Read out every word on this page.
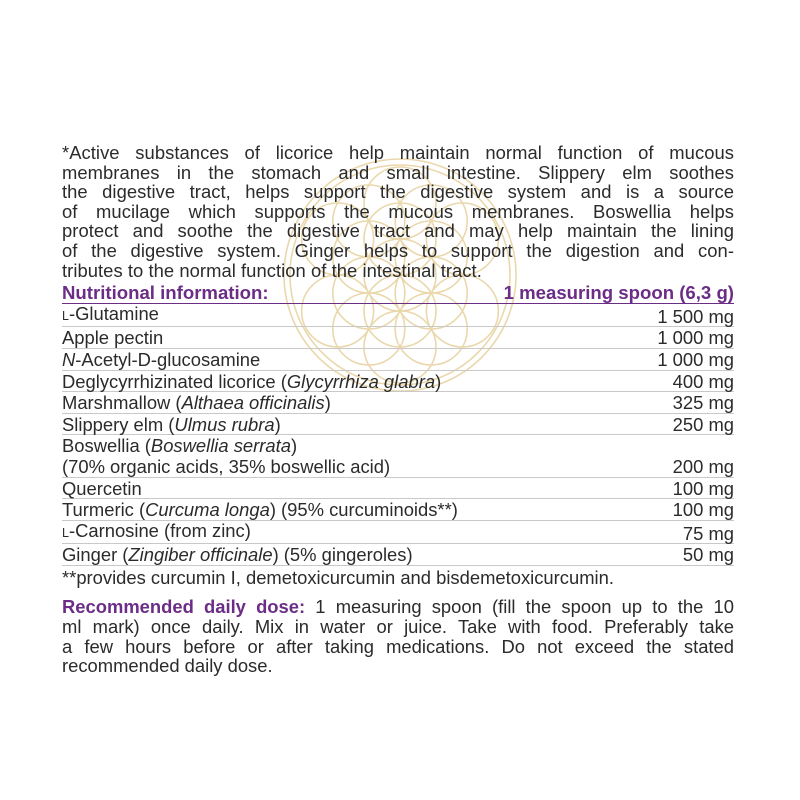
*Active substances of licorice help maintain normal function of mucous
membranes in the stomach and small intestine. Slippery elm soothes
the digestive tract, helps support the digestive system and is a source
of mucilage which supports the mucous membranes. Boswellia helps
protect and soothe the digestive tract and may help maintain the lining
of the digestive system. Ginger helps to support the digestion and con-
tributes to the normal function of the intestinal tract.

Nutritional information:	1 measuring spoon (6,3 g)
L-Glutamine	1 500 mg
Apple pectin	1 000 mg
N-Acetyl-D-glucosamine	1 000 mg
Deglycyrrhizinated licorice (Glycyrrhiza glabra)	400 mg
Marshmallow (Althaea officinalis)	325 mg
Slippery elm (Ulmus rubra)	250 mg
Boswellia (Boswellia serrata)	
(70% organic acids, 35% boswellic acid)	200 mg
Quercetin	100 mg
Turmeric (Curcuma longa) (95% curcuminoids**)	100 mg
L-Carnosine (from zinc)	75 mg
Ginger (Zingiber officinale) (5% gingeroles)	50 mg

**provides curcumin I, demetoxicurcumin and bisdemetoxicurcumin.

Recommended daily dose: 1 measuring spoon (fill the spoon up to the 10
ml mark) once daily. Mix in water or juice. Take with food. Preferably take
a few hours before or after taking medications. Do not exceed the stated
recommended daily dose.
